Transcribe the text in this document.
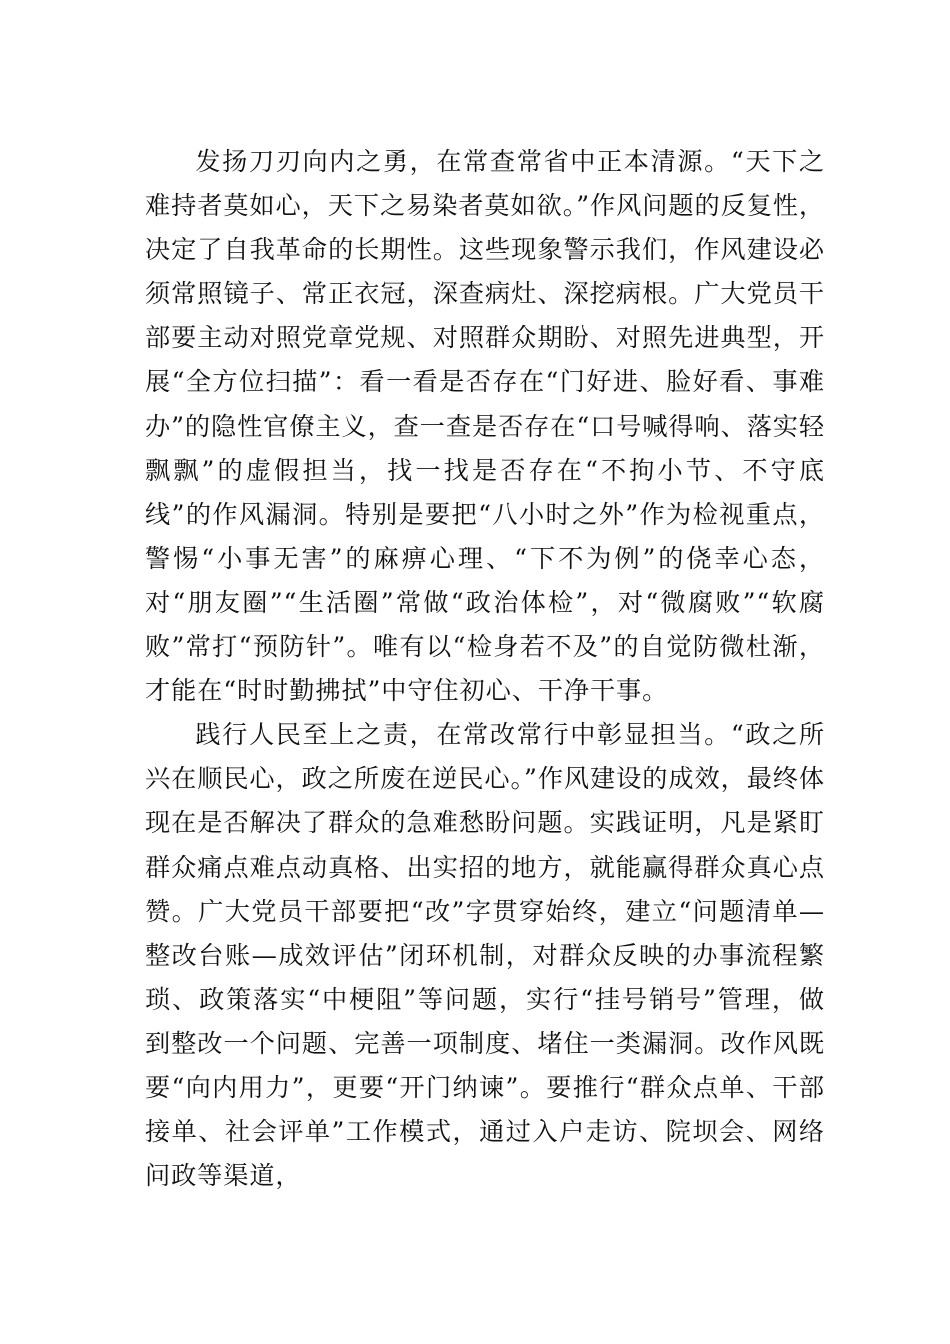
发扬刀刃向内之勇，在常查常省中正本清源。“天下之难持者莫如心，天下之易染者莫如欲。”作风问题的反复性，决定了自我革命的长期性。这些现象警示我们，作风建设必须常照镜子、常正衣冠，深查病灶、深挖病根。广大党员干部要主动对照党章党规、对照群众期盼、对照先进典型，开展“全方位扫描”：看一看是否存在“门好进、脸好看、事难办”的隐性官僚主义，查一查是否存在“口号喊得响、落实轻飘飘”的虚假担当，找一找是否存在“不拘小节、不守底线”的作风漏洞。特别是要把“八小时之外”作为检视重点，警惕“小事无害”的麻痹心理、“下不为例”的侥幸心态，对“朋友圈”“生活圈”常做“政治体检”，对“微腐败”“软腐败”常打“预防针”。唯有以“检身若不及”的自觉防微杜渐，才能在“时时勤拂拭”中守住初心、干净干事。

践行人民至上之责，在常改常行中彰显担当。“政之所兴在顺民心，政之所废在逆民心。”作风建设的成效，最终体现在是否解决了群众的急难愁盼问题。实践证明，凡是紧盯群众痛点难点动真格、出实招的地方，就能赢得群众真心点赞。广大党员干部要把“改”字贯穿始终，建立“问题清单—整改台账—成效评估”闭环机制，对群众反映的办事流程繁琐、政策落实“中梗阻”等问题，实行“挂号销号”管理，做到整改一个问题、完善一项制度、堵住一类漏洞。改作风既要“向内用力”，更要“开门纳谏”。要推行“群众点单、干部接单、社会评单”工作模式，通过入户走访、院坝会、网络问政等渠道，
